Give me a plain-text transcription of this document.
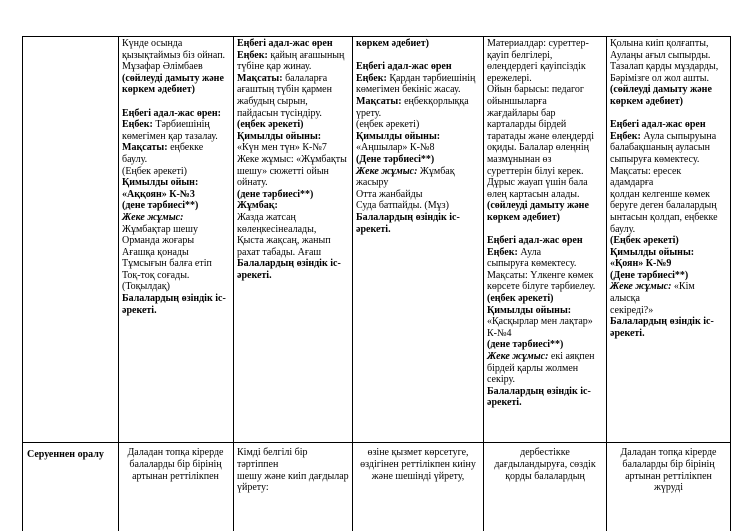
Күнде осында

қызықтаймыз біз ойнап.

Мұзафар Әлімбаев

(сөйлеуді дамыту және

көркем әдебиет)

Еңбегі адал-жас өрен:

Еңбек: Тәрбиешінің

көмегімен қар тазалау.

Мақсаты: еңбекке

баулу.

(Еңбек әрекеті)

Қимылды ойын:

«Аққоян» К-№3

(дене тәрбиесі**)

Жеке жұмыс:

Жұмбақтар шешу

Орманда жоғары

Ағашқа қонады

Тұмсығын балға етіп

Тоқ-тоқ соғады.

(Тоқылдақ)

Балалардың өзіндік іс-

әрекеті.

Еңбегі адал-жас өрен

Еңбек: қайың ағашының

түбіне қар жинау.

Мақсаты: балаларға

ағаштың түбін қармен

жабудың сырын,

пайдасын түсіндіру.

(еңбек әрекеті)

Қимылды ойыны:

«Күн мен түн» К-№7

Жеке жұмыс: «Жұмбақты

шешу» сюжетті ойын

ойнату.

(дене тәрбиесі**)

Жұмбақ:

Жазда жатсаң

көлеңкесінеалады,

Қыста жақсаң, жанып

рахат табады. Ағаш

Балалардың өзіндік іс-

әрекеті.

көркем әдебиет)

Еңбегі адал-жас өрен

Еңбек: Қардан тәрбиешінің

көмегімен бекініс жасау.

Мақсаты: еңбекқорлыққа

үрету.

(еңбек әрекеті)

Қимылды ойыны:

«Аңшылар» К-№8

(Дене тәрбиесі**)

Жеке жұмыс: Жұмбақ

жасыру

Отта жанбайды

Суда батпайды. (Мұз)

Балалардың өзіндік іс-

әрекеті.

Материалдар: суреттер-

қауіп белгілері,

өлеңдердегі қауіпсіздік

ережелері.

Ойын барысы: педагог

ойыншыларға

жағдайлары бар

карталарды бірдей

таратады және өлеңдерді

оқиды. Балалар өлеңнің

мазмұнынан өз

суреттерін білуі керек.

Дұрыс жауап үшін бала

өлең картасын алады.

(сөйлеуді дамыту және

көркем әдебиет)

Еңбегі адал-жас өрен

Еңбек: Аула

сыпыруға көмектесу.

Мақсаты: Үлкенге көмек

көрсете білуге тәрбиелеу.

(еңбек әрекеті)

Қимылды ойыны:

«Қасқырлар мен лақтар»

К-№4

(дене тәрбиесі**)

Жеке жұмыс: екі аяқпен

бірдей қарлы жолмен

секіру.

Балалардың өзіндік іс-

әрекеті.

Қолына киіп қолғапты,

Аулаңы ағыл сыпырды.

Тазалап қарды мұздарды,

Бәрімізге ол жол ашты.

(сөйлеуді дамыту және

көркем әдебиет)

Еңбегі адал-жас өрен

Еңбек: Аула сыпыруына

балабақшаның ауласын

сыпыруға көмектесу.

Мақсаты: ересек адамдарға

қолдан келгенше көмек

беруге деген балалардың

ынтасын қолдап, еңбекке

баулу.

(Еңбек әрекеті)

Қимылды ойыны:

«Қоян» К-№9

(Дене тәрбиесі**)

Жеке жұмыс: «Кім алысқа

секіреді?»

Балалардың өзіндік іс-

әрекеті.

Серуеннен оралу	Даладан топқа кірерде

балаларды бір бірінің

артынан реттілікпен

Кімді белгілі бір тәртіппен

шешу және киіп дағдылар

үйрету:

өзіне қызмет көрсетуге,

өздігінен реттілікпен киіну

және шешінді үйрету,

дербестікке

дағдыландыруға, сөздік

қорды балалардың

Даладан топқа кірерде

балаларды бір бірінің

артынан реттілікпен жүруді
